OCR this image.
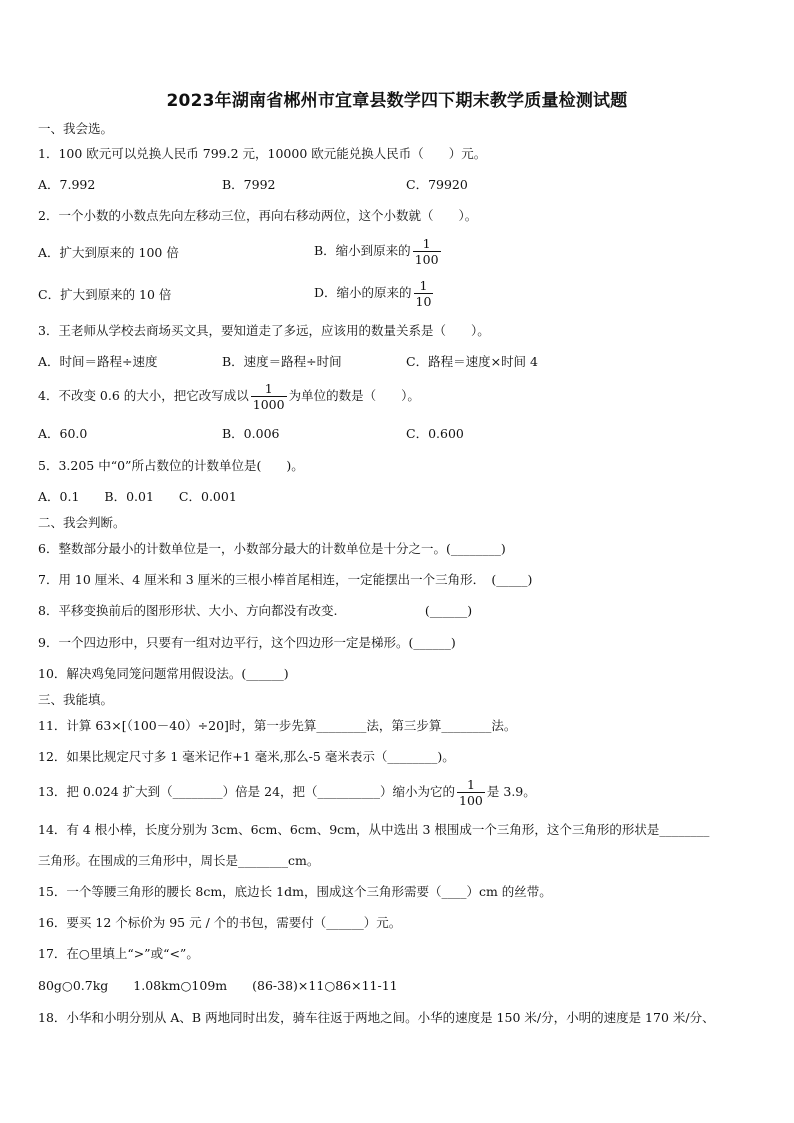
2023年湖南省郴州市宜章县数学四下期末教学质量检测试题
一、我会选。
1．100 欧元可以兑换人民币 799.2 元，10000 欧元能兑换人民币（　　）元。
A．7.992	B．7992	C．79920
2．一个小数的小数点先向左移动三位，再向右移动两位，这个小数就（　　）。
A．扩大到原来的 100 倍	B．缩小到原来的 $\frac{1}{100}$
C．扩大到原来的 10 倍	D．缩小的原来的 $\frac{1}{10}$
3．王老师从学校去商场买文具，要知道走了多远，应该用的数量关系是（　　）。
A．时间＝路程÷速度	B．速度＝路程÷时间	C．路程＝速度×时间 4
4．不改变 0.6 的大小，把它改写成以 $\frac{1}{1000}$ 为单位的数是（　　）。
A．60.0	B．0.006	C．0.600
5．3.205 中“0”所占数位的计数单位是(　　)。
A．0.1　　B．0.01　　C．0.001
二、我会判断。
6．整数部分最小的计数单位是一，小数部分最大的计数单位是十分之一。(________)
7．用 10 厘米、4 厘米和 3 厘米的三根小棒首尾相连，一定能摆出一个三角形．　(_____)
8．平移变换前后的图形形状、大小、方向都没有改变.　　　　　　　(______)
9．一个四边形中，只要有一组对边平行，这个四边形一定是梯形。(______)
10．解决鸡兔同笼问题常用假设法。(______)
三、我能填。
11．计算 63×[（100－40）÷20]时，第一步先算________法，第三步算________法。
12．如果比规定尺寸多 1 毫米记作+1 毫米,那么-5 毫米表示（________)。
13．把 0.024 扩大到（________）倍是 24，把（__________）缩小为它的 $\frac{1}{100}$ 是 3.9。
14．有 4 根小棒，长度分别为 3cm、6cm、6cm、9cm，从中选出 3 根围成一个三角形，这个三角形的形状是________
三角形。在围成的三角形中，周长是________cm。
15．一个等腰三角形的腰长 8cm，底边长 1dm，围成这个三角形需要（____）cm 的丝带。
16．要买 12 个标价为 95 元 / 个的书包，需要付（______）元。
17．在○里填上“>”或“<”。
80g○0.7kg　　1.08km○109m　　(86-38)×11○86×11-11
18．小华和小明分别从 A、B 两地同时出发，骑车往返于两地之间。小华的速度是 150 米/分，小明的速度是 170 米/分、
